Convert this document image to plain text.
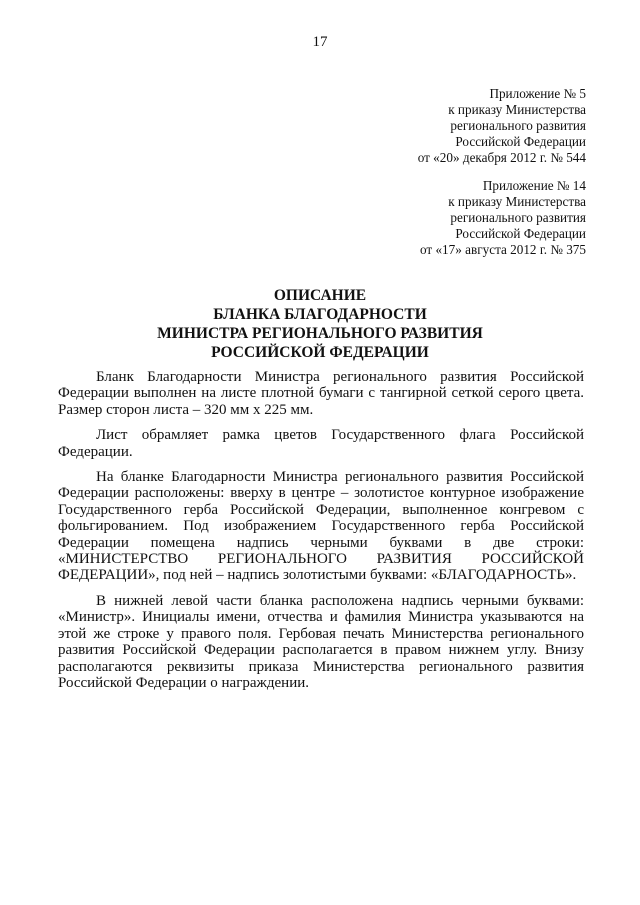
17
Приложение № 5
к приказу Министерства
регионального развития
Российской Федерации
от «20» декабря 2012 г. № 544
Приложение № 14
к приказу Министерства
регионального развития
Российской Федерации
от «17» августа 2012 г. № 375
ОПИСАНИЕ
БЛАНКА БЛАГОДАРНОСТИ
МИНИСТРА РЕГИОНАЛЬНОГО РАЗВИТИЯ
РОССИЙСКОЙ ФЕДЕРАЦИИ

Бланк Благодарности Министра регионального развития Российской Федерации выполнен на листе плотной бумаги с тангирной сеткой серого цвета. Размер сторон листа – 320 мм х 225 мм.

Лист обрамляет рамка цветов Государственного флага Российской Федерации.

На бланке Благодарности Министра регионального развития Российской Федерации расположены: вверху в центре – золотистое контурное изображение Государственного герба Российской Федерации, выполненное конгревом с фольгированием. Под изображением Государственного герба Российской Федерации помещена надпись черными буквами в две строки: «МИНИСТЕРСТВО РЕГИОНАЛЬНОГО РАЗВИТИЯ РОССИЙСКОЙ ФЕДЕРАЦИИ», под ней – надпись золотистыми буквами: «БЛАГОДАРНОСТЬ».

В нижней левой части бланка расположена надпись черными буквами: «Министр». Инициалы имени, отчества и фамилия Министра указываются на этой же строке у правого поля. Гербовая печать Министерства регионального развития Российской Федерации располагается в правом нижнем углу. Внизу располагаются реквизиты приказа Министерства регионального развития Российской Федерации о награждении.
